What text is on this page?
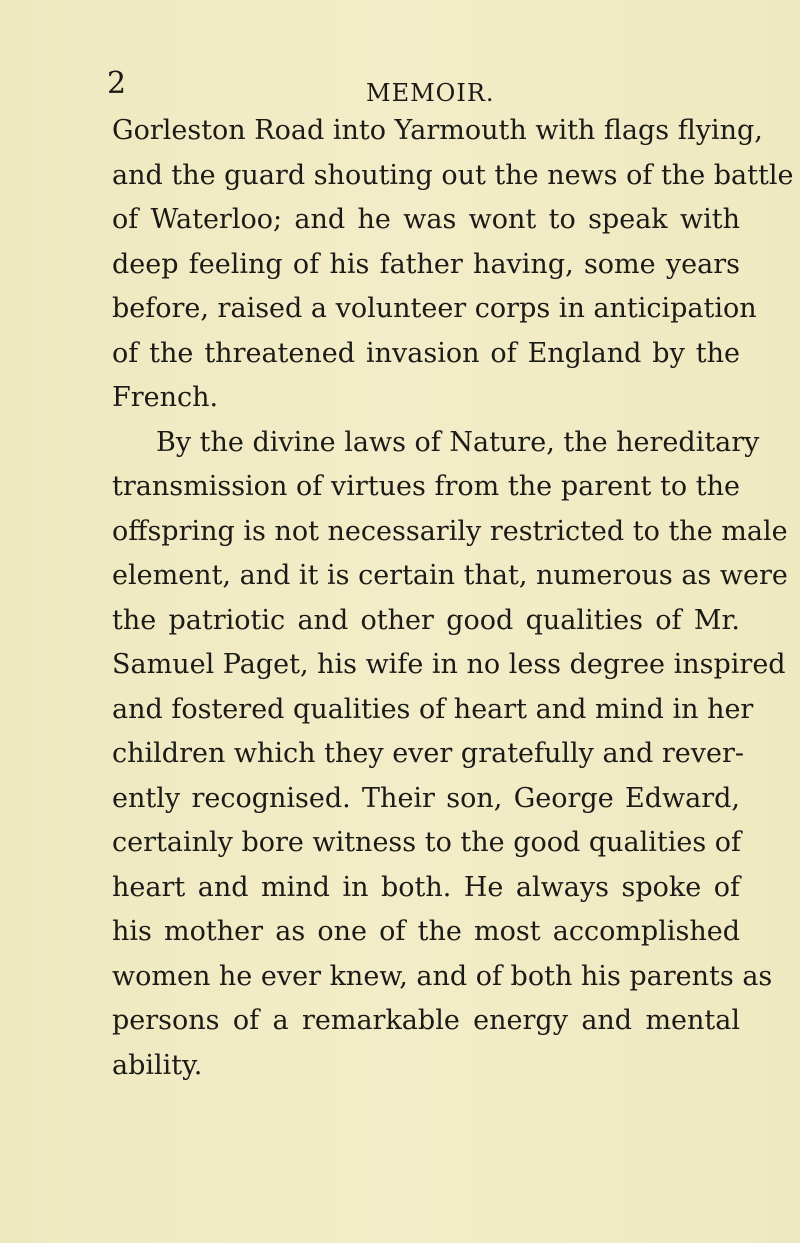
2	MEMOIR.
Gorleston Road into Yarmouth with flags flying,
and the guard shouting out the news of the battle
of Waterloo; and he was wont to speak with
deep feeling of his father having, some years
before, raised a volunteer corps in anticipation
of the threatened invasion of England by the
French.
By the divine laws of Nature, the hereditary
transmission of virtues from the parent to the
offspring is not necessarily restricted to the male
element, and it is certain that, numerous as were
the patriotic and other good qualities of Mr.
Samuel Paget, his wife in no less degree inspired
and fostered qualities of heart and mind in her
children which they ever gratefully and rever-
ently recognised. Their son, George Edward,
certainly bore witness to the good qualities of
heart and mind in both. He always spoke of
his mother as one of the most accomplished
women he ever knew, and of both his parents as
persons of a remarkable energy and mental
ability.
